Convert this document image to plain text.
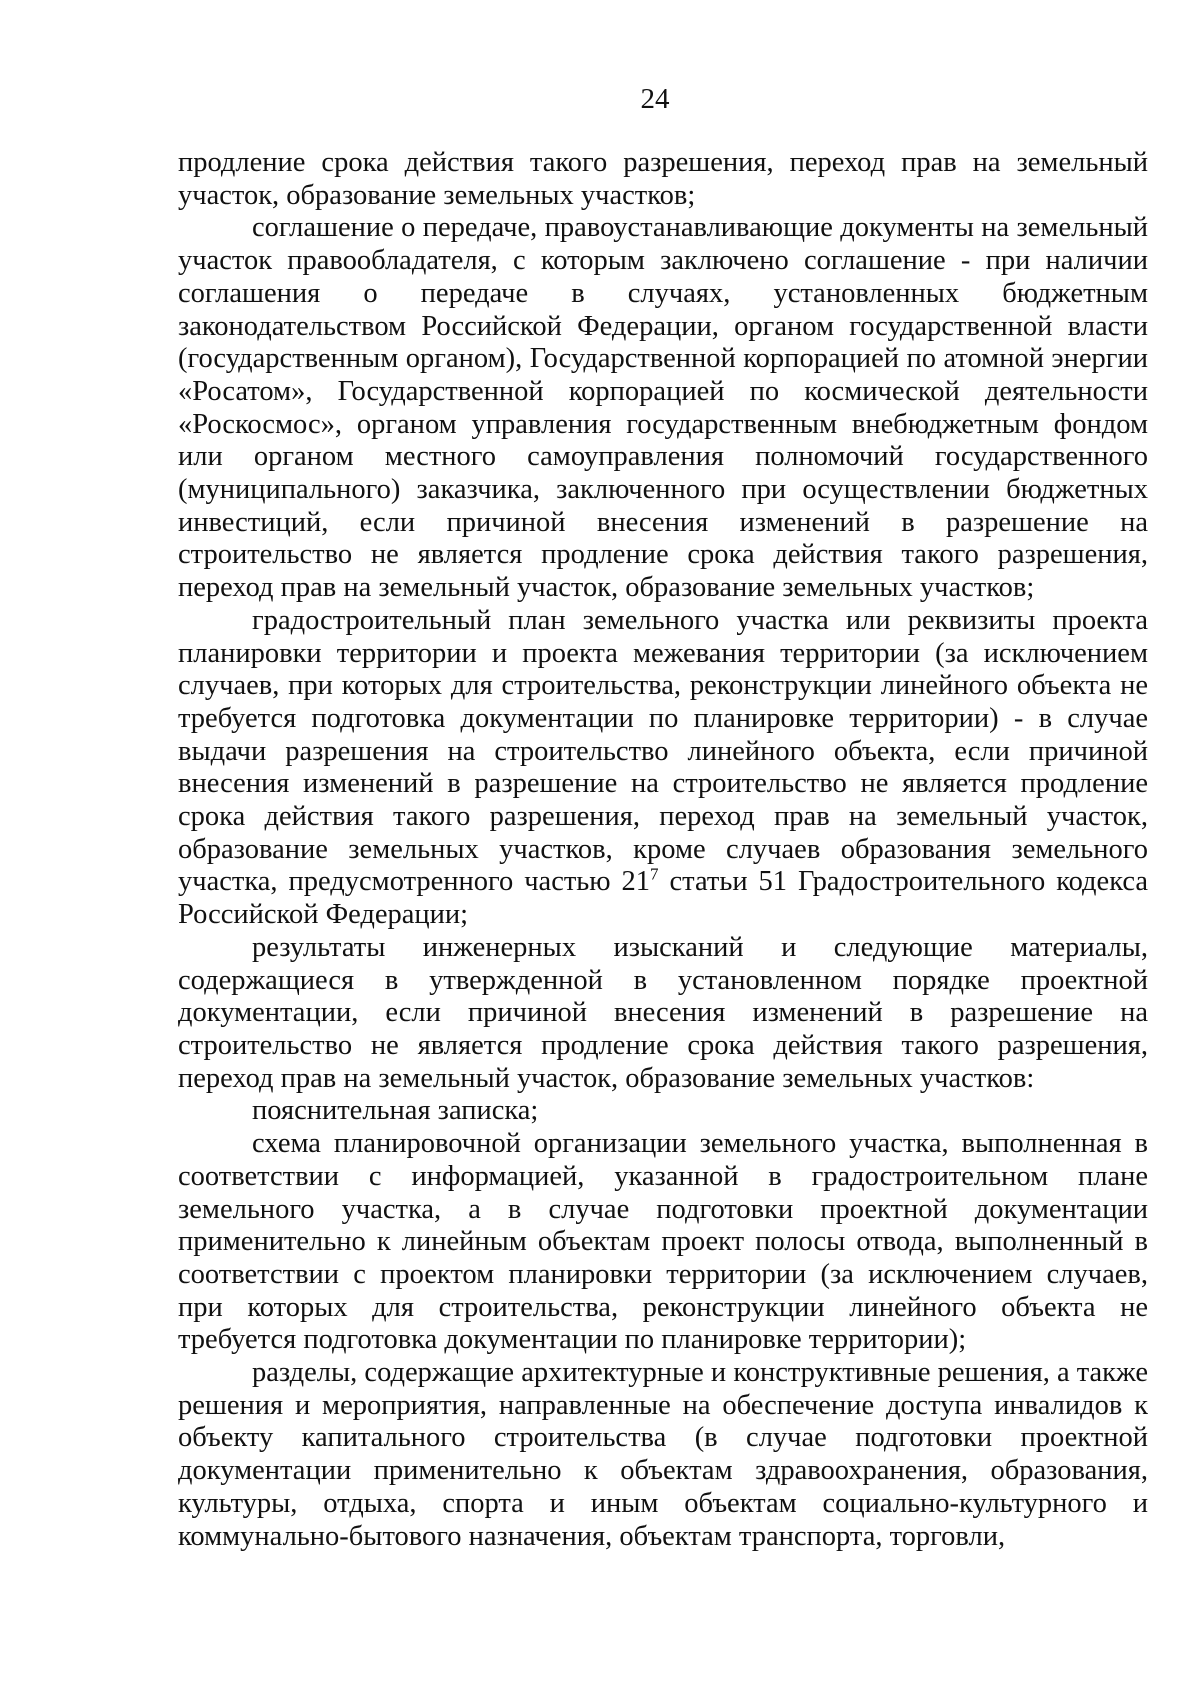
24

продление срока действия такого разрешения, переход прав на земельный участок, образование земельных участков;

соглашение о передаче, правоустанавливающие документы на земельный участок правообладателя, с которым заключено соглашение - при наличии соглашения о передаче в случаях, установленных бюджетным законодательством Российской Федерации, органом государственной власти (государственным органом), Государственной корпорацией по атомной энергии «Росатом», Государственной корпорацией по космической деятельности «Роскосмос», органом управления государственным внебюджетным фондом или органом местного самоуправления полномочий государственного (муниципального) заказчика, заключенного при осуществлении бюджетных инвестиций, если причиной внесения изменений в разрешение на строительство не является продление срока действия такого разрешения, переход прав на земельный участок, образование земельных участков;

градостроительный план земельного участка или реквизиты проекта планировки территории и проекта межевания территории (за исключением случаев, при которых для строительства, реконструкции линейного объекта не требуется подготовка документации по планировке территории) - в случае выдачи разрешения на строительство линейного объекта, если причиной внесения изменений в разрешение на строительство не является продление срока действия такого разрешения, переход прав на земельный участок, образование земельных участков, кроме случаев образования земельного участка, предусмотренного частью $21^7$ статьи 51 Градостроительного кодекса Российской Федерации;

результаты инженерных изысканий и следующие материалы, содержащиеся в утвержденной в установленном порядке проектной документации, если причиной внесения изменений в разрешение на строительство не является продление срока действия такого разрешения, переход прав на земельный участок, образование земельных участков:

пояснительная записка;

схема планировочной организации земельного участка, выполненная в соответствии с информацией, указанной в градостроительном плане земельного участка, а в случае подготовки проектной документации применительно к линейным объектам проект полосы отвода, выполненный в соответствии с проектом планировки территории (за исключением случаев, при которых для строительства, реконструкции линейного объекта не требуется подготовка документации по планировке территории);

разделы, содержащие архитектурные и конструктивные решения, а также решения и мероприятия, направленные на обеспечение доступа инвалидов к объекту капитального строительства (в случае подготовки проектной документации применительно к объектам здравоохранения, образования, культуры, отдыха, спорта и иным объектам социально-культурного и коммунально-бытового назначения, объектам транспорта, торговли,
